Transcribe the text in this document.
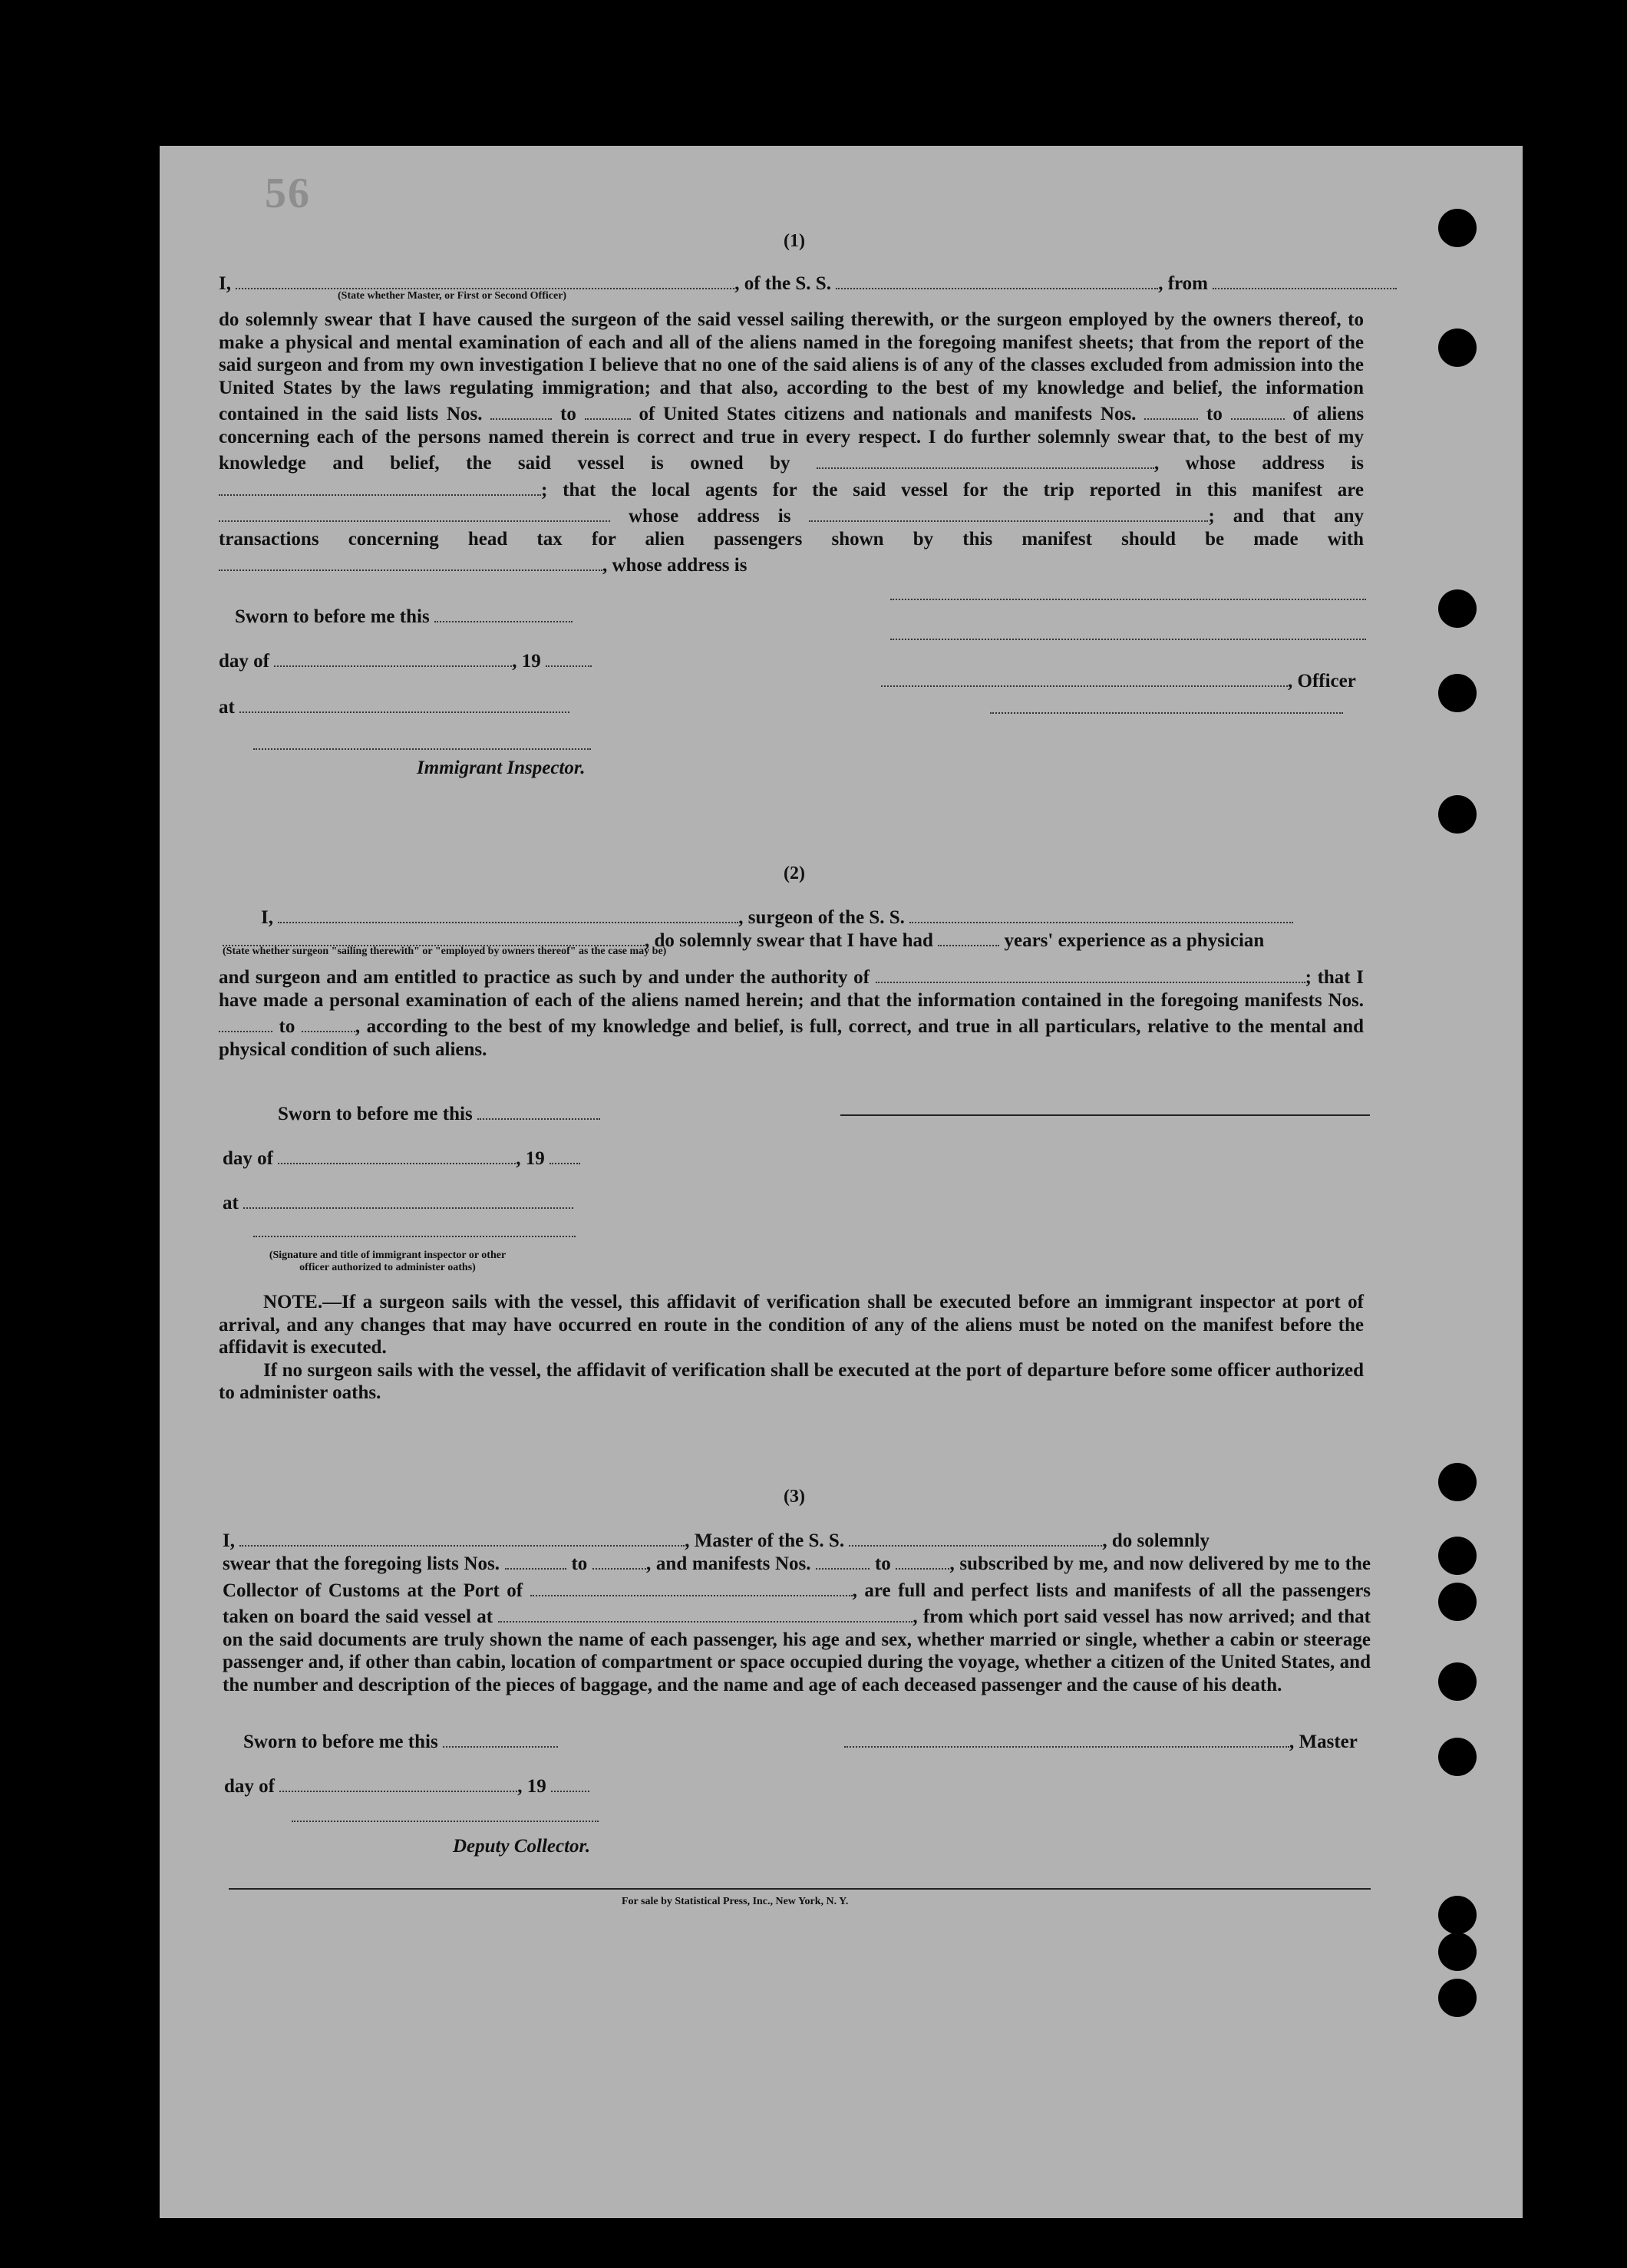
56
(1)
I,	, of the S. S.	, from
(State whether Master, or First or Second Officer)
do solemnly swear that I have caused the surgeon of the said vessel sailing therewith, or the surgeon employed by the owners thereof, to make a physical and mental examination of each and all of the aliens named in the foregoing manifest sheets; that from the report of the said surgeon and from my own investigation I believe that no one of the said aliens is of any of the classes excluded from admission into the United States by the laws regulating immigration; and that also, according to the best of my knowledge and belief, the information contained in the said lists Nos.	to	of United States citizens and nationals and manifests Nos.	to	of aliens concerning each of the persons named therein is correct and true in every respect. I do further solemnly swear that, to the best of my knowledge and belief, the said vessel is owned by	, whose address is ; that the local agents for the said vessel for the trip reported in this manifest are  whose address is	; and that any transactions concerning head tax for alien passengers shown by this manifest should be made with , whose address is
Sworn to before me this
day of	, 19
at
, Officer
Immigrant Inspector.
(2)
I,	, surgeon of the S. S.
, do solemnly swear that I have had	years' experience as a physician
(State whether surgeon "sailing therewith" or "employed by owners thereof" as the case may be)
and surgeon and am entitled to practice as such by and under the authority of	; that I have made a personal examination of each of the aliens named herein; and that the information contained in the foregoing manifests Nos.  to	, according to the best of my knowledge and belief, is full, correct, and true in all particulars, relative to the mental and physical condition of such aliens.
Sworn to before me this
day of	, 19
at
(Signature and title of immigrant inspector or other officer authorized to administer oaths)
NOTE.—If a surgeon sails with the vessel, this affidavit of verification shall be executed before an immigrant inspector at port of arrival, and any changes that may have occurred en route in the condition of any of the aliens must be noted on the manifest before the affidavit is executed.
If no surgeon sails with the vessel, the affidavit of verification shall be executed at the port of departure before some officer authorized to administer oaths.
(3)
I,	, Master of the S. S.	, do solemnly
swear that the foregoing lists Nos.	to	, and manifests Nos.	to	, subscribed by me, and now delivered by me to the Collector of Customs at the Port of	, are full and perfect lists and manifests of all the passengers taken on board the said vessel at	, from which port said vessel has now arrived; and that on the said documents are truly shown the name of each passenger, his age and sex, whether married or single, whether a cabin or steerage passenger and, if other than cabin, location of compartment or space occupied during the voyage, whether a citizen of the United States, and the number and description of the pieces of baggage, and the name and age of each deceased passenger and the cause of his death.
Sworn to before me this	, Master
day of	, 19
Deputy Collector.
For sale by Statistical Press, Inc., New York, N. Y.
